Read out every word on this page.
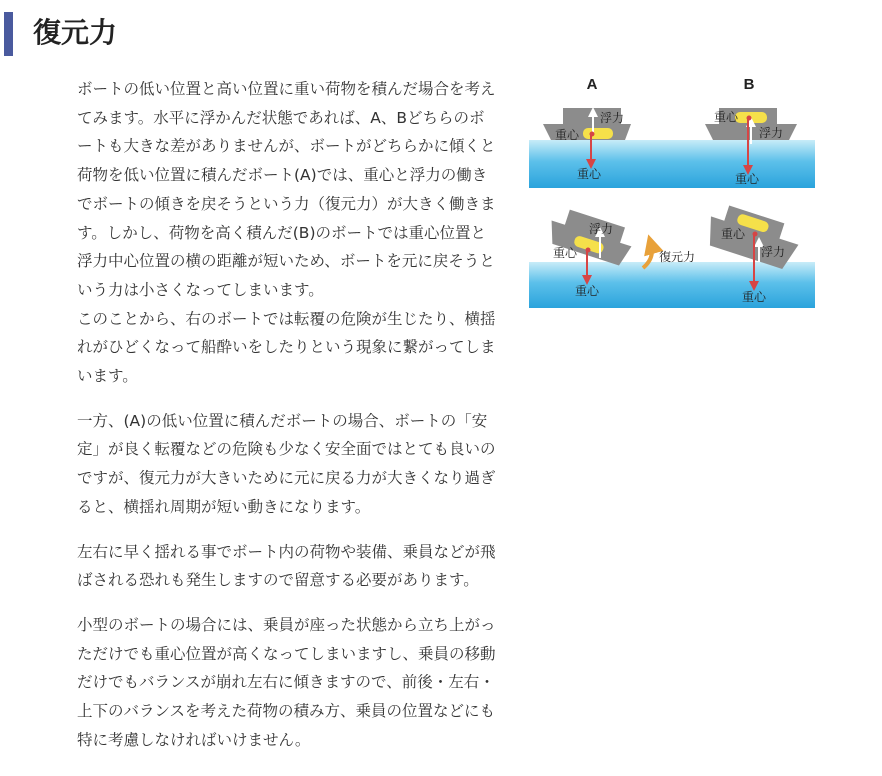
復元力

ボートの低い位置と高い位置に重い荷物を積んだ場合を考え
てみます。水平に浮かんだ状態であれば、A、Bどちらのボ
ートも大きな差がありませんが、ボートがどちらかに傾くと
荷物を低い位置に積んだボート(A)では、重心と浮力の働き
でボートの傾きを戻そうという力（復元力）が大きく働きま
す。しかし、荷物を高く積んだ(B)のボートでは重心位置と
浮力中心位置の横の距離が短いため、ボートを元に戻そうと
いう力は小さくなってしまいます。

このことから、右のボートでは転覆の危険が生じたり、横揺
れがひどくなって船酔いをしたりという現象に繋がってしま
います。

一方、(A)の低い位置に積んだボートの場合、ボートの「安
定」が良く転覆などの危険も少なく安全面ではとても良いの
ですが、復元力が大きいために元に戻る力が大きくなり過ぎ
ると、横揺れ周期が短い動きになります。

左右に早く揺れる事でボート内の荷物や装備、乗員などが飛
ばされる恐れも発生しますので留意する必要があります。

小型のボートの場合には、乗員が座った状態から立ち上がっ
ただけでも重心位置が高くなってしまいますし、乗員の移動
だけでもバランスが崩れ左右に傾きますので、前後・左右・
上下のバランスを考えた荷物の積み方、乗員の位置などにも
特に考慮しなければいけません。

A	B
浮力
重心
重心
重心
浮力
重心
浮力
重心
重心
復元力
重心
浮力
重心
